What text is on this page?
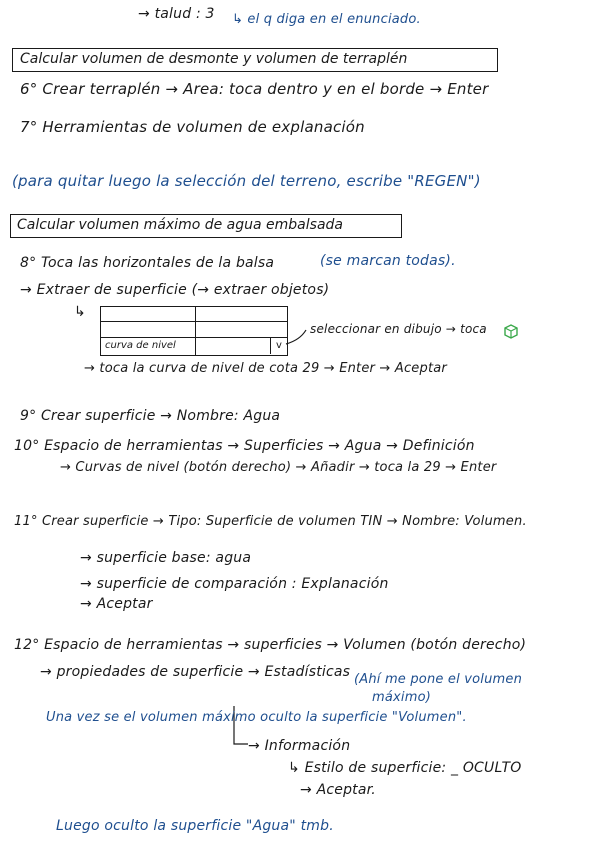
→ talud : 3 ↳ el q diga en el enunciado.
Calcular volumen de desmonte y volumen de terraplén
6° Crear terraplén → Area: toca dentro y en el borde → Enter
7° Herramientas de volumen de explanación
(para quitar luego la selección del terreno, escribe "REGEN")
Calcular volumen máximo de agua embalsada
8° Toca las horizontales de la balsa	(se marcan todas).
→ Extraer de superficie (→ extraer objetos)
↳
curva de nivel	v
seleccionar en dibujo → toca
→ toca la curva de nivel de cota 29 → Enter → Aceptar
9° Crear superficie → Nombre: Agua
10° Espacio de herramientas → Superficies → Agua → Definición
→ Curvas de nivel (botón derecho) → Añadir → toca la 29 → Enter
11° Crear superficie → Tipo: Superficie de volumen TIN → Nombre: Volumen.
→ superficie base: agua
→ superficie de comparación : Explanación
→ Aceptar
12° Espacio de herramientas → superficies → Volumen (botón derecho)
→ propiedades de superficie → Estadísticas (Ahí me pone el volumen
máximo)
Una vez se el volumen máximo oculto la superficie "Volumen".
→ Información
↳ Estilo de superficie: _ OCULTO
→ Aceptar.
Luego oculto la superficie "Agua" tmb.
